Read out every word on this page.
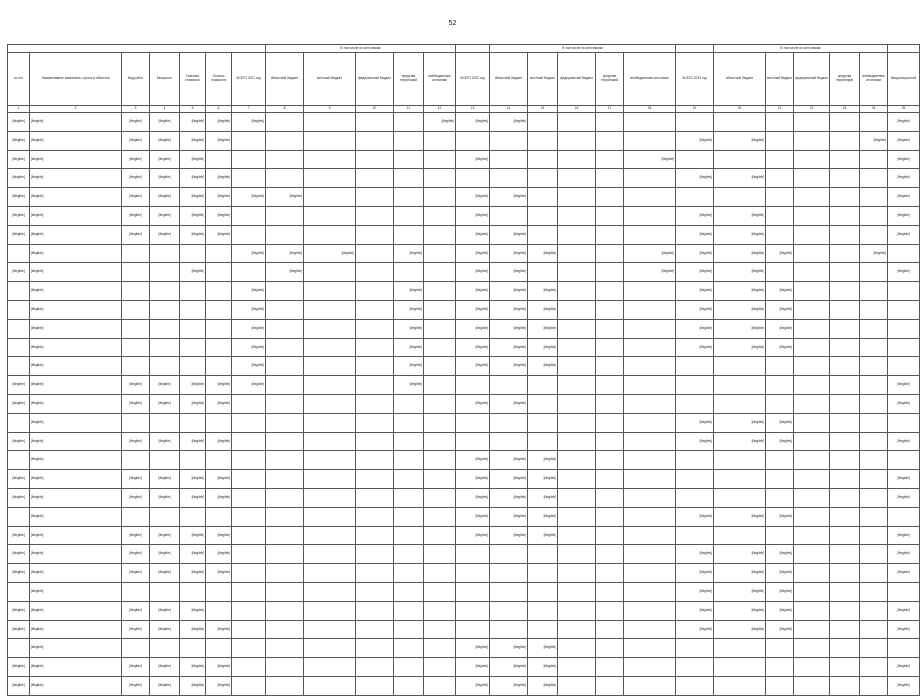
52
							В том числе по источникам						В том числе по источникам						В том числе по источникам					
№ п/п	Наименование заказчиков, строек и объектов	Вид работ	Мощность	Сметная стоимость	Остаток стоимости	ВСЕГО 2021 год	областной бюджет	местный бюджет	федеральный бюджет	средства территорий	внебюджетные источники	ВСЕГО 2022 год	областной бюджет	местный бюджет	федеральный бюджет	средства территорий	внебюджетные источники	ВСЕГО 2023 год	областной бюджет	местный бюджет	федеральный бюджет	средства территорий	внебюджетные источники	Ввод мощностей
1	2	3	4	5	6	7	8	9	10	11	12	13	14	15	16	17	18	19	20	21	22	23	24	25
[illegible]	[illegible]	[illegible]	[illegible]	[illegible]	[illegible]	[illegible]					[illegible]	[illegible]	[illegible]											[illegible]
[illegible]	[illegible]	[illegible]	[illegible]	[illegible]	[illegible]													[illegible]	[illegible]				[illegible]	[illegible]
[illegible]	[illegible]	[illegible]	[illegible]	[illegible]								[illegible]					[illegible]							[illegible]
[illegible]	[illegible]	[illegible]	[illegible]	[illegible]	[illegible]													[illegible]	[illegible]					[illegible]
[illegible]	[illegible]	[illegible]	[illegible]	[illegible]	[illegible]	[illegible]	[illegible]					[illegible]	[illegible]											[illegible]
[illegible]	[illegible]	[illegible]	[illegible]	[illegible]	[illegible]							[illegible]						[illegible]	[illegible]					[illegible]
[illegible]	[illegible]	[illegible]	[illegible]	[illegible]	[illegible]							[illegible]	[illegible]					[illegible]	[illegible]					[illegible]
	[illegible]					[illegible]	[illegible]	[illegible]		[illegible]		[illegible]	[illegible]	[illegible]			[illegible]	[illegible]	[illegible]	[illegible]			[illegible]	
[illegible]	[illegible]			[illegible]			[illegible]					[illegible]	[illegible]				[illegible]	[illegible]	[illegible]					[illegible]
	[illegible]					[illegible]				[illegible]		[illegible]	[illegible]	[illegible]				[illegible]	[illegible]	[illegible]				
	[illegible]					[illegible]				[illegible]		[illegible]	[illegible]	[illegible]				[illegible]	[illegible]	[illegible]				
	[illegible]					[illegible]				[illegible]		[illegible]	[illegible]	[illegible]				[illegible]	[illegible]	[illegible]				
	[illegible]					[illegible]				[illegible]		[illegible]	[illegible]	[illegible]				[illegible]	[illegible]	[illegible]				
	[illegible]					[illegible]				[illegible]		[illegible]	[illegible]	[illegible]										
[illegible]	[illegible]	[illegible]	[illegible]	[illegible]	[illegible]	[illegible]				[illegible]														[illegible]
[illegible]	[illegible]	[illegible]	[illegible]	[illegible]	[illegible]							[illegible]	[illegible]											[illegible]
	[illegible]																	[illegible]	[illegible]	[illegible]				
[illegible]	[illegible]	[illegible]	[illegible]	[illegible]	[illegible]													[illegible]	[illegible]	[illegible]				[illegible]
	[illegible]											[illegible]	[illegible]	[illegible]										
[illegible]	[illegible]	[illegible]	[illegible]	[illegible]	[illegible]							[illegible]	[illegible]	[illegible]										[illegible]
[illegible]	[illegible]	[illegible]	[illegible]	[illegible]	[illegible]							[illegible]	[illegible]	[illegible]										[illegible]
	[illegible]											[illegible]	[illegible]	[illegible]				[illegible]	[illegible]	[illegible]				
[illegible]	[illegible]	[illegible]	[illegible]	[illegible]	[illegible]							[illegible]	[illegible]	[illegible]										[illegible]
[illegible]	[illegible]	[illegible]	[illegible]	[illegible]	[illegible]													[illegible]	[illegible]	[illegible]				[illegible]
[illegible]	[illegible]	[illegible]	[illegible]	[illegible]	[illegible]													[illegible]	[illegible]	[illegible]				[illegible]
	[illegible]																	[illegible]	[illegible]	[illegible]				
[illegible]	[illegible]	[illegible]	[illegible]	[illegible]														[illegible]	[illegible]	[illegible]				[illegible]
[illegible]	[illegible]	[illegible]	[illegible]	[illegible]	[illegible]													[illegible]	[illegible]	[illegible]				[illegible]
	[illegible]											[illegible]	[illegible]	[illegible]										
[illegible]	[illegible]	[illegible]	[illegible]	[illegible]	[illegible]							[illegible]	[illegible]	[illegible]										[illegible]
[illegible]	[illegible]	[illegible]	[illegible]	[illegible]	[illegible]							[illegible]	[illegible]	[illegible]										[illegible]
